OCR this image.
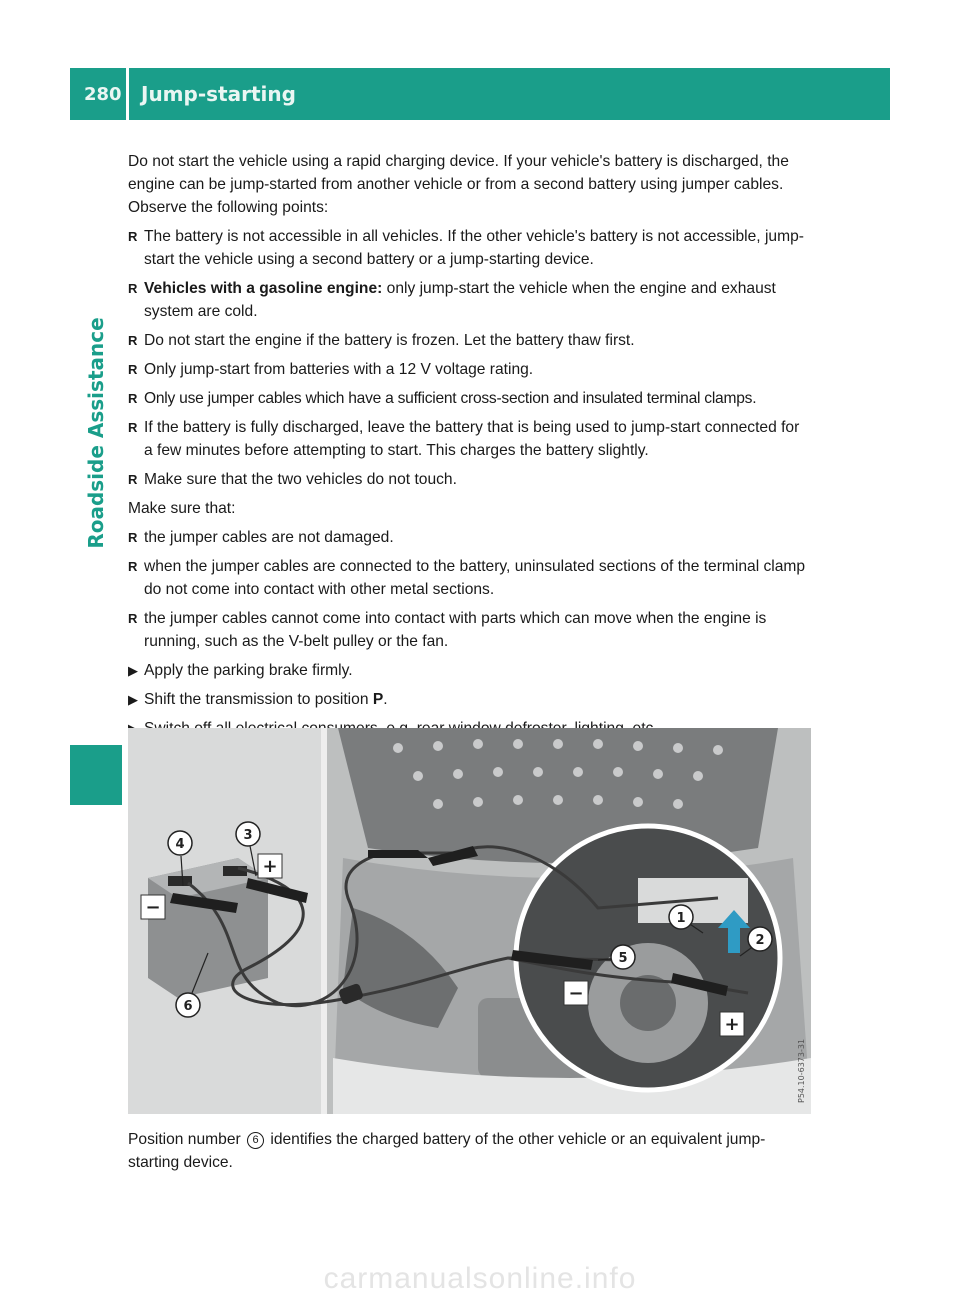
280 Jump-starting
Roadside Assistance

Do not start the vehicle using a rapid charging device. If your vehicle's battery is discharged, the engine can be jump-started from another vehicle or from a second battery using jumper cables. Observe the following points:

R The battery is not accessible in all vehicles. If the other vehicle's battery is not accessible, jump-start the vehicle using a second battery or a jump-starting device.
R Vehicles with a gasoline engine: only jump-start the vehicle when the engine and exhaust system are cold.
R Do not start the engine if the battery is frozen. Let the battery thaw first.
R Only jump-start from batteries with a 12 V voltage rating.
R Only use jumper cables which have a sufficient cross-section and insulated terminal clamps.
R If the battery is fully discharged, leave the battery that is being used to jump-start connected for a few minutes before attempting to start. This charges the battery slightly.
R Make sure that the two vehicles do not touch.

Make sure that:

R the jumper cables are not damaged.
R when the jumper cables are connected to the battery, uninsulated sections of the terminal clamp do not come into contact with other metal sections.
R the jumper cables cannot come into contact with parts which can move when the engine is running, such as the V-belt pulley or the fan.
▶ Apply the parking brake firmly.
▶ Shift the transmission to position P.
−
+
−
+
4
3
6
1
2
5
P54.10-6373-31
Position number 6 identifies the charged battery of the other vehicle or an equivalent jump-starting device.
carmanualsonline.info
